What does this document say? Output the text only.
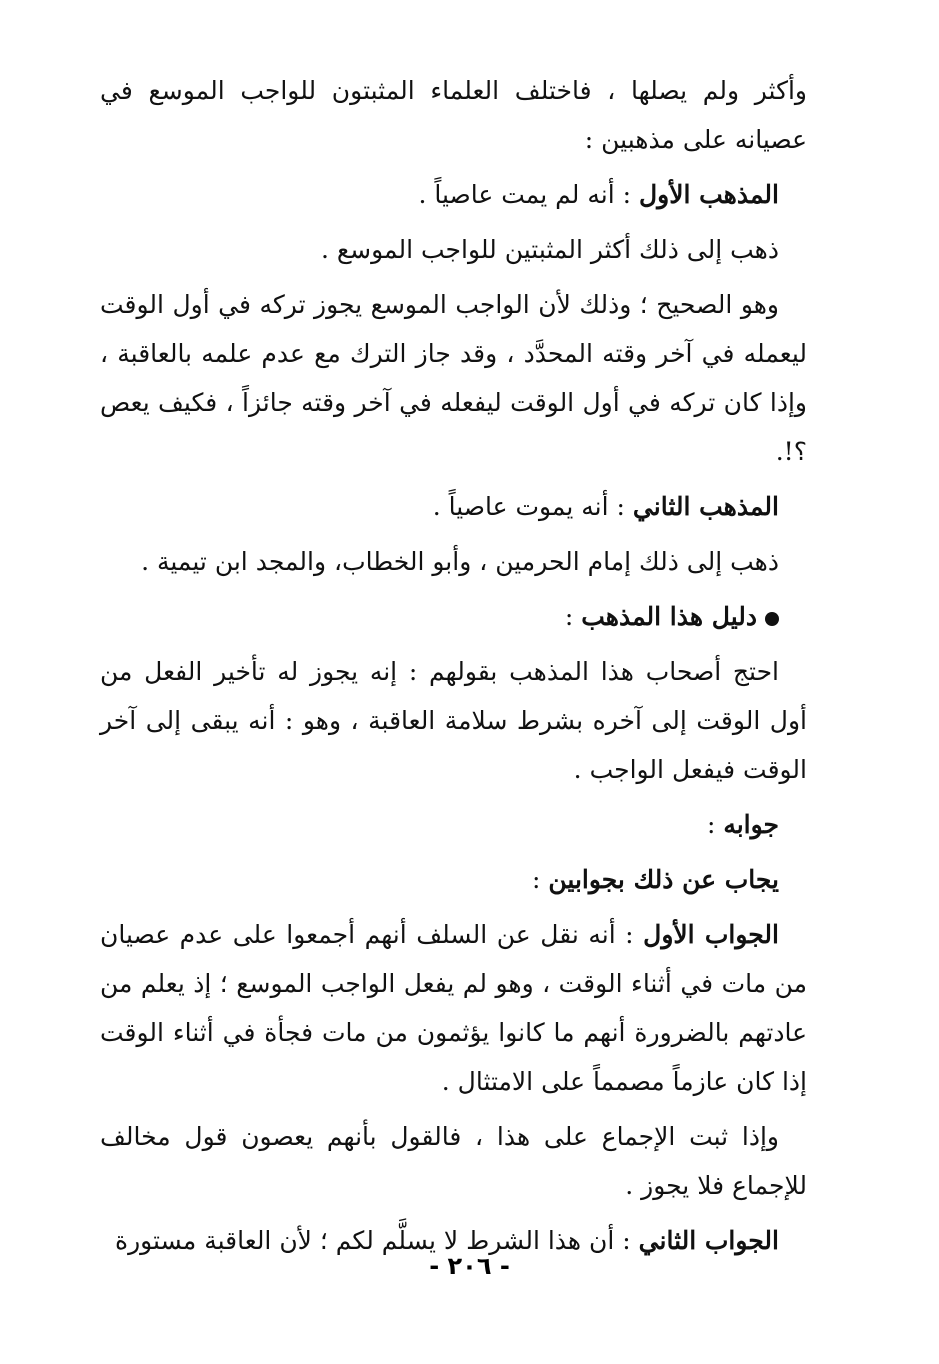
وأكثر ولم يصلها ، فاختلف العلماء المثبتون للواجب الموسع في عصيانه على مذهبين :

المذهب الأول : أنه لم يمت عاصياً .

ذهب إلى ذلك أكثر المثبتين للواجب الموسع .

وهو الصحيح ؛ وذلك لأن الواجب الموسع يجوز تركه في أول الوقت ليعمله في آخر وقته المحدَّد ، وقد جاز الترك مع عدم علمه بالعاقبة ، وإذا كان تركه في أول الوقت ليفعله في آخر وقته جائزاً ، فكيف يعص ؟!.

المذهب الثاني : أنه يموت عاصياً .

ذهب إلى ذلك إمام الحرمين ، وأبو الخطاب، والمجد ابن تيمية .

دليل هذا المذهب :

احتج أصحاب هذا المذهب بقولهم : إنه يجوز له تأخير الفعل من أول الوقت إلى آخره بشرط سلامة العاقبة ، وهو : أنه يبقى إلى آخر الوقت فيفعل الواجب .

جوابه :

يجاب عن ذلك بجوابين :

الجواب الأول : أنه نقل عن السلف أنهم أجمعوا على عدم عصيان من مات في أثناء الوقت ، وهو لم يفعل الواجب الموسع ؛ إذ يعلم من عادتهم بالضرورة أنهم ما كانوا يؤثمون من مات فجأة في أثناء الوقت إذا كان عازماً مصمماً على الامتثال .

وإذا ثبت الإجماع على هذا ، فالقول بأنهم يعصون قول مخالف للإجماع فلا يجوز .

الجواب الثاني : أن هذا الشرط لا يسلَّم لكم ؛ لأن العاقبة مستورة

- ٢٠٦ -
